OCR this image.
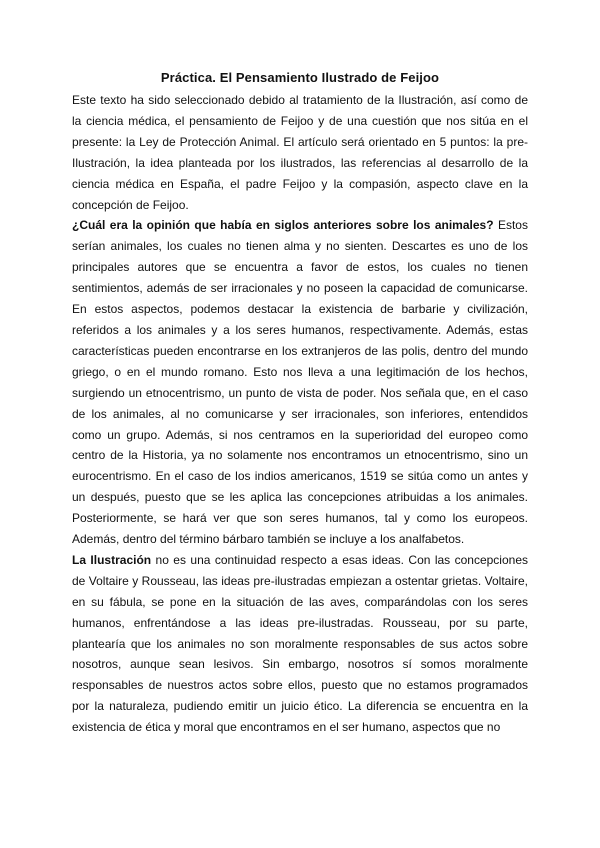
Práctica. El Pensamiento Ilustrado de Feijoo

Este texto ha sido seleccionado debido al tratamiento de la Ilustración, así como de la ciencia médica, el pensamiento de Feijoo y de una cuestión que nos sitúa en el presente: la Ley de Protección Animal. El artículo será orientado en 5 puntos: la pre-Ilustración, la idea planteada por los ilustrados, las referencias al desarrollo de la ciencia médica en España, el padre Feijoo y la compasión, aspecto clave en la concepción de Feijoo.

¿Cuál era la opinión que había en siglos anteriores sobre los animales? Estos serían animales, los cuales no tienen alma y no sienten. Descartes es uno de los principales autores que se encuentra a favor de estos, los cuales no tienen sentimientos, además de ser irracionales y no poseen la capacidad de comunicarse. En estos aspectos, podemos destacar la existencia de barbarie y civilización, referidos a los animales y a los seres humanos, respectivamente. Además, estas características pueden encontrarse en los extranjeros de las polis, dentro del mundo griego, o en el mundo romano. Esto nos lleva a una legitimación de los hechos, surgiendo un etnocentrismo, un punto de vista de poder. Nos señala que, en el caso de los animales, al no comunicarse y ser irracionales, son inferiores, entendidos como un grupo. Además, si nos centramos en la superioridad del europeo como centro de la Historia, ya no solamente nos encontramos un etnocentrismo, sino un eurocentrismo. En el caso de los indios americanos, 1519 se sitúa como un antes y un después, puesto que se les aplica las concepciones atribuidas a los animales. Posteriormente, se hará ver que son seres humanos, tal y como los europeos. Además, dentro del término bárbaro también se incluye a los analfabetos.

La Ilustración no es una continuidad respecto a esas ideas. Con las concepciones de Voltaire y Rousseau, las ideas pre-ilustradas empiezan a ostentar grietas. Voltaire, en su fábula, se pone en la situación de las aves, comparándolas con los seres humanos, enfrentándose a las ideas pre-ilustradas. Rousseau, por su parte, plantearía que los animales no son moralmente responsables de sus actos sobre nosotros, aunque sean lesivos. Sin embargo, nosotros sí somos moralmente responsables de nuestros actos sobre ellos, puesto que no estamos programados por la naturaleza, pudiendo emitir un juicio ético. La diferencia se encuentra en la existencia de ética y moral que encontramos en el ser humano, aspectos que no
